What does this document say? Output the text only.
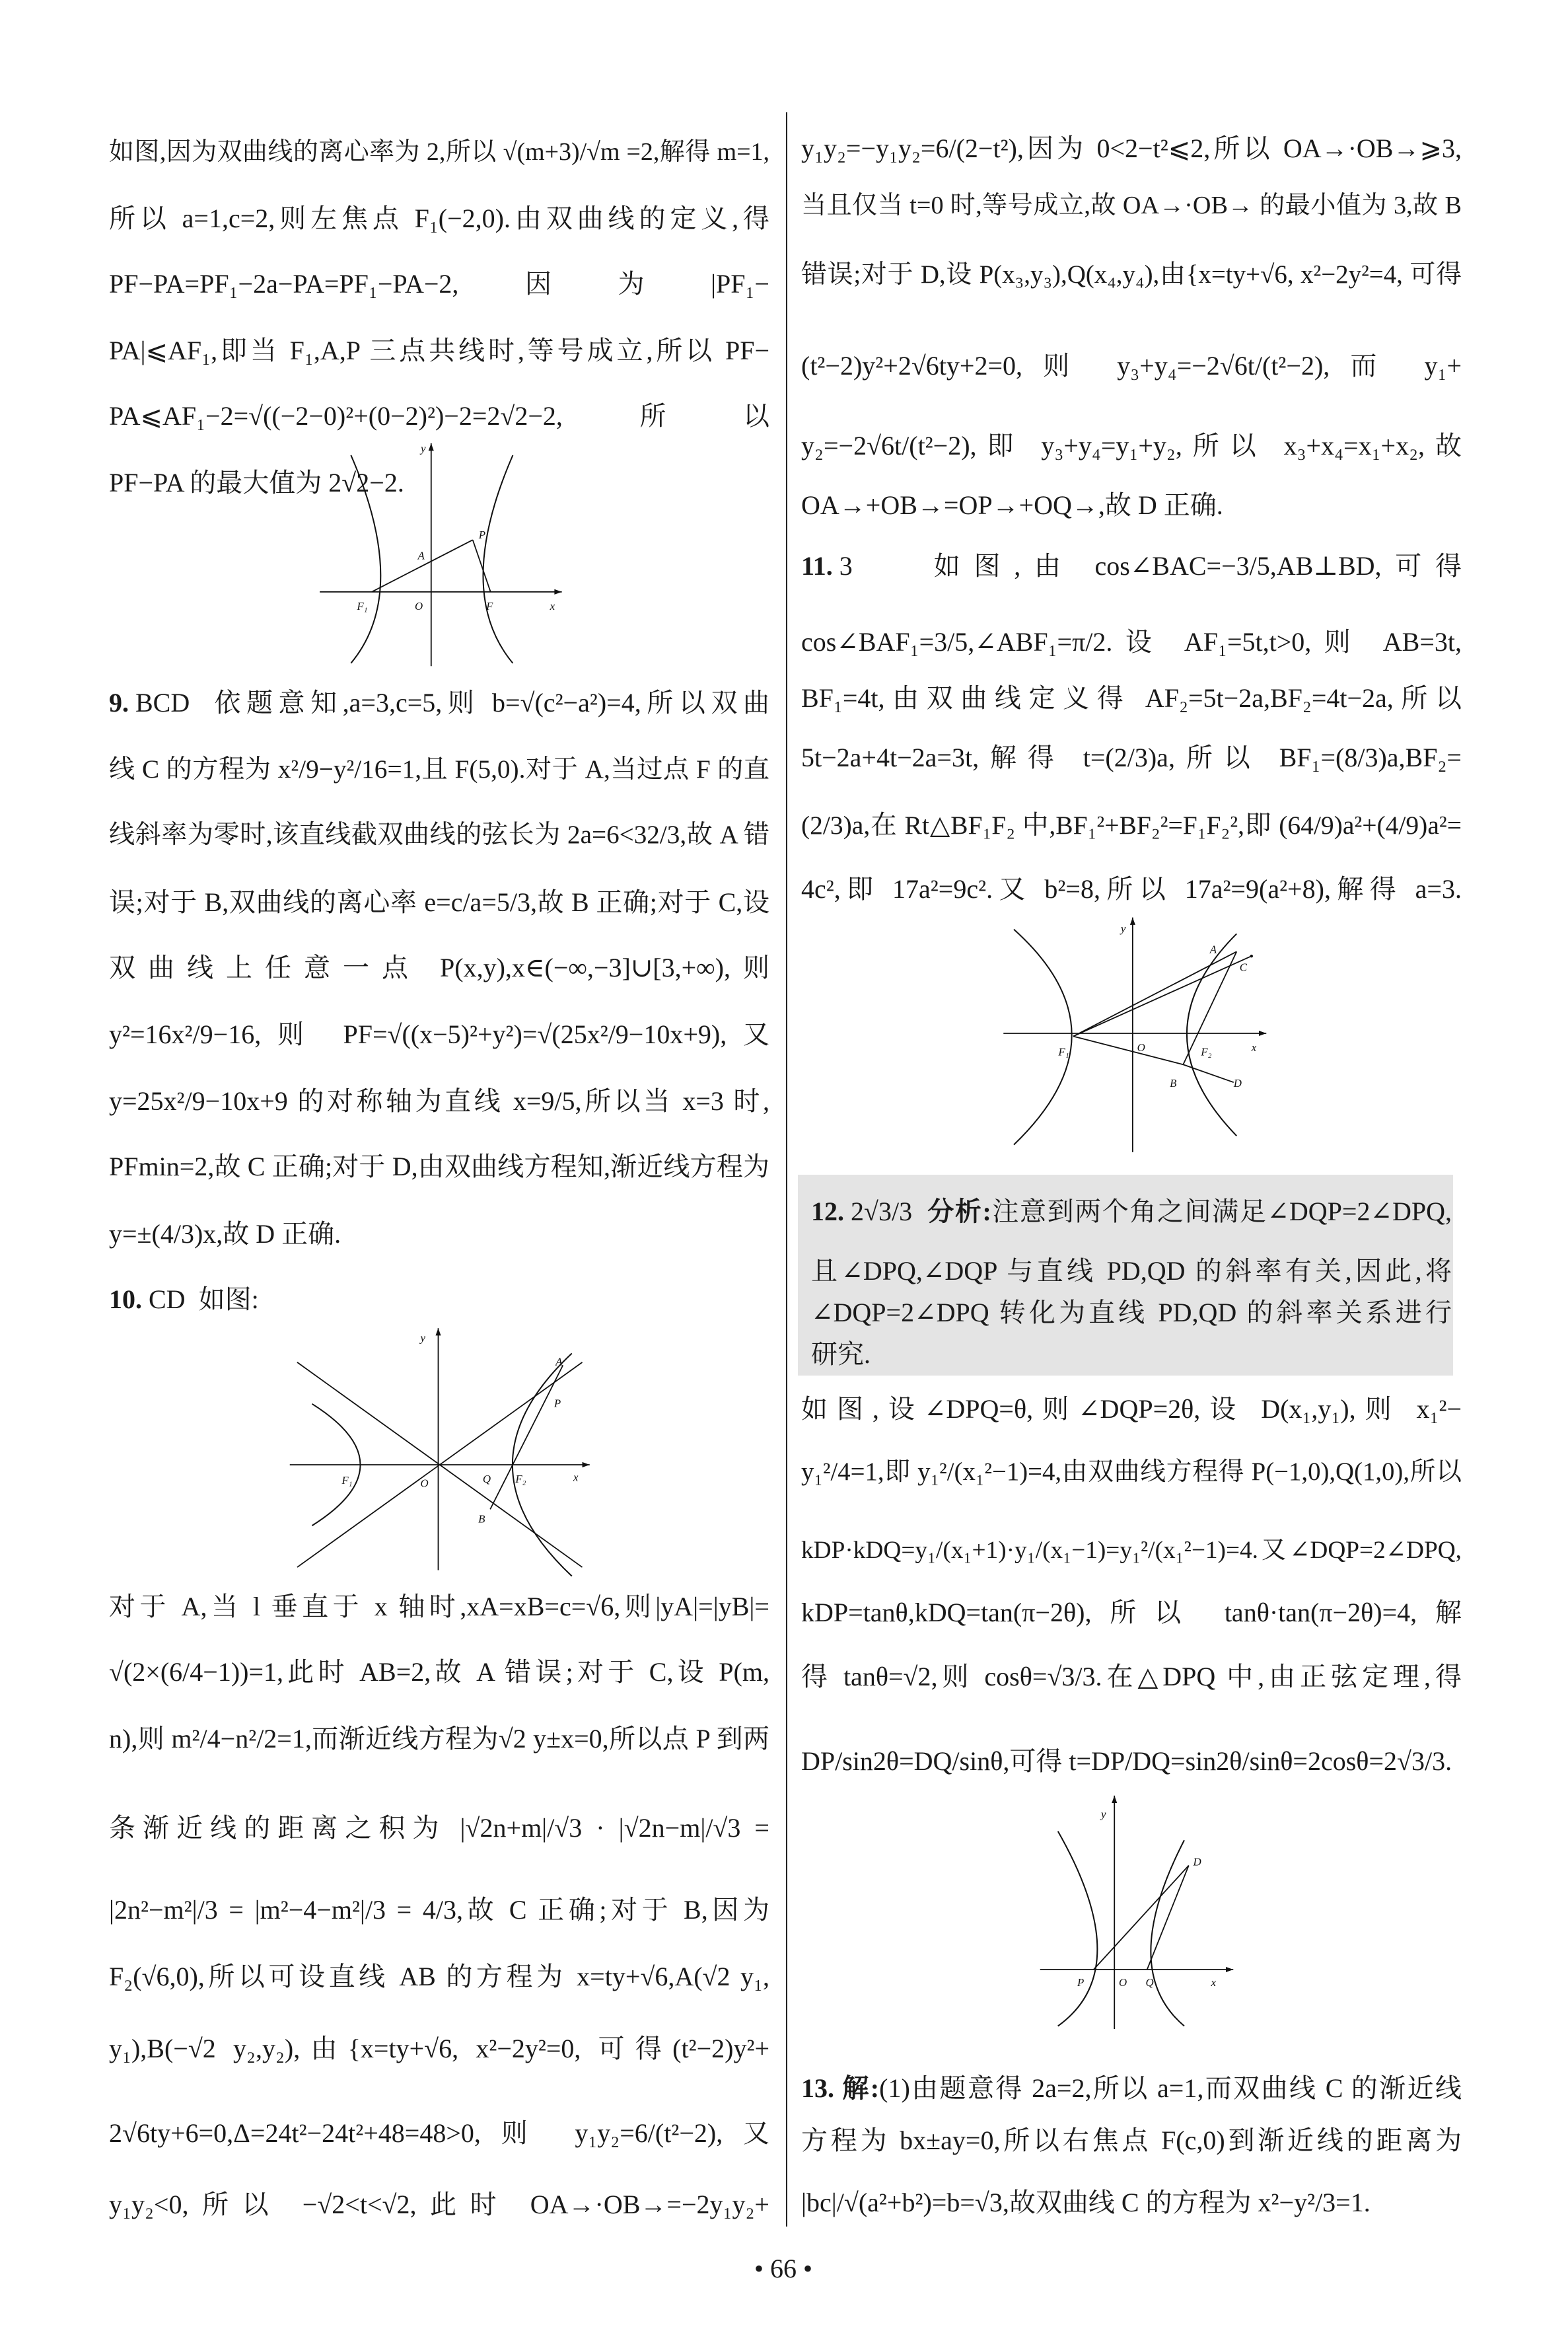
如图,因为双曲线的离心率为 2,所以 √(m+3)/√m =2,解得 m=1,
所以 a=1,c=2,则左焦点 F₁(−2,0).由双曲线的定义,得
PF−PA=PF₁−2a−PA=PF₁−PA−2,因为|PF₁−
PA|⩽AF₁,即当 F₁,A,P 三点共线时,等号成立,所以 PF−
PA⩽AF₁−2=√((−2−0)²+(0−2)²)−2=2√2−2,所以
PF−PA 的最大值为 2√2−2.
y
A
P
F₁	O	F	x
9. BCD 依题意知,a=3,c=5,则 b=√(c²−a²)=4,所以双曲
线 C 的方程为 x²/9−y²/16=1,且 F(5,0).对于 A,当过点 F 的直
线斜率为零时,该直线截双曲线的弦长为 2a=6<32/3,故 A 错
误;对于 B,双曲线的离心率 e=c/a=5/3,故 B 正确;对于 C,设
双曲线上任意一点 P(x,y),x∈(−∞,−3]∪[3,+∞),则
y²=16x²/9−16,则 PF=√((x−5)²+y²)=√(25x²/9−10x+9),又
y=25x²/9−10x+9 的对称轴为直线 x=9/5,所以当 x=3 时,
PFmin=2,故 C 正确;对于 D,由双曲线方程知,渐近线方程为
y=±(4/3)x,故 D 正确.
10. CD 如图:
y
A
P
F₁	O	Q	F₂
B
x
对于 A,当 l 垂直于 x 轴时,xA=xB=c=√6,则|yA|=|yB|=
√(2×(6/4−1))=1,此时 AB=2,故 A 错误;对于 C,设 P(m,
n),则 m²/4−n²/2=1,而渐近线方程为√2 y±x=0,所以点 P 到两
条渐近线的距离之积为 |√2n+m|/√3 · |√2n−m|/√3 =
|2n²−m²|/3 = |m²−4−m²|/3 = 4/3,故 C 正确;对于 B,因为
F₂(√6,0),所以可设直线 AB 的方程为 x=ty+√6,A(√2 y₁,
y₁),B(−√2 y₂,y₂),由{x=ty+√6, x²−2y²=0, 可得(t²−2)y²+
2√6ty+6=0,Δ=24t²−24t²+48=48>0,则 y₁y₂=6/(t²−2),又
y₁y₂<0,所以 −√2<t<√2,此时 OA→·OB→=−2y₁y₂+
y₁y₂=−y₁y₂=6/(2−t²),因为 0<2−t²⩽2,所以 OA→·OB→⩾3,
当且仅当 t=0 时,等号成立,故 OA→·OB→ 的最小值为 3,故 B
错误;对于 D,设 P(x₃,y₃),Q(x₄,y₄),由{x=ty+√6, x²−2y²=4, 可得
(t²−2)y²+2√6ty+2=0,则 y₃+y₄=−2√6t/(t²−2),而 y₁+
y₂=−2√6t/(t²−2),即 y₃+y₄=y₁+y₂,所以 x₃+x₄=x₁+x₂,故
OA→+OB→=OP→+OQ→,故 D 正确.
11. 3	如图,由 cos∠BAC=−3/5,AB⊥BD,可得
cos∠BAF₁=3/5,∠ABF₁=π/2.设 AF₁=5t,t>0,则 AB=3t,
BF₁=4t,由双曲线定义得 AF₂=5t−2a,BF₂=4t−2a,所以
5t−2a+4t−2a=3t,解得 t=(2/3)a,所以 BF₁=(8/3)a,BF₂=
(2/3)a,在 Rt△BF₁F₂ 中,BF₁²+BF₂²=F₁F₂²,即 (64/9)a²+(4/9)a²=
4c²,即 17a²=9c².又 b²=8,所以 17a²=9(a²+8),解得 a=3.
y
A
C
F₁	O	F₂
B	D
x
12. 2√3/3 分析:注意到两个角之间满足∠DQP=2∠DPQ,
且∠DPQ,∠DQP 与直线 PD,QD 的斜率有关,因此,将
∠DQP=2∠DPQ 转化为直线 PD,QD 的斜率关系进行
研究.
如图,设∠DPQ=θ,则∠DQP=2θ,设 D(x₁,y₁),则 x₁²−
y₁²/4=1,即 y₁²/(x₁²−1)=4,由双曲线方程得 P(−1,0),Q(1,0),所以
kDP·kDQ=y₁/(x₁+1)·y₁/(x₁−1)=y₁²/(x₁²−1)=4.又∠DQP=2∠DPQ,
kDP=tanθ,kDQ=tan(π−2θ),所以 tanθ·tan(π−2θ)=4,解
得 tanθ=√2,则 cosθ=√3/3.在△DPQ 中,由正弦定理,得
DP/sin2θ=DQ/sinθ,可得 t=DP/DQ=sin2θ/sinθ=2cosθ=2√3/3.
y
D
P	O	Q	x
13. 解:(1)由题意得 2a=2,所以 a=1,而双曲线 C 的渐近线
方程为 bx±ay=0,所以右焦点 F(c,0)到渐近线的距离为
|bc|/√(a²+b²)=b=√3,故双曲线 C 的方程为 x²−y²/3=1.
• 66 •
